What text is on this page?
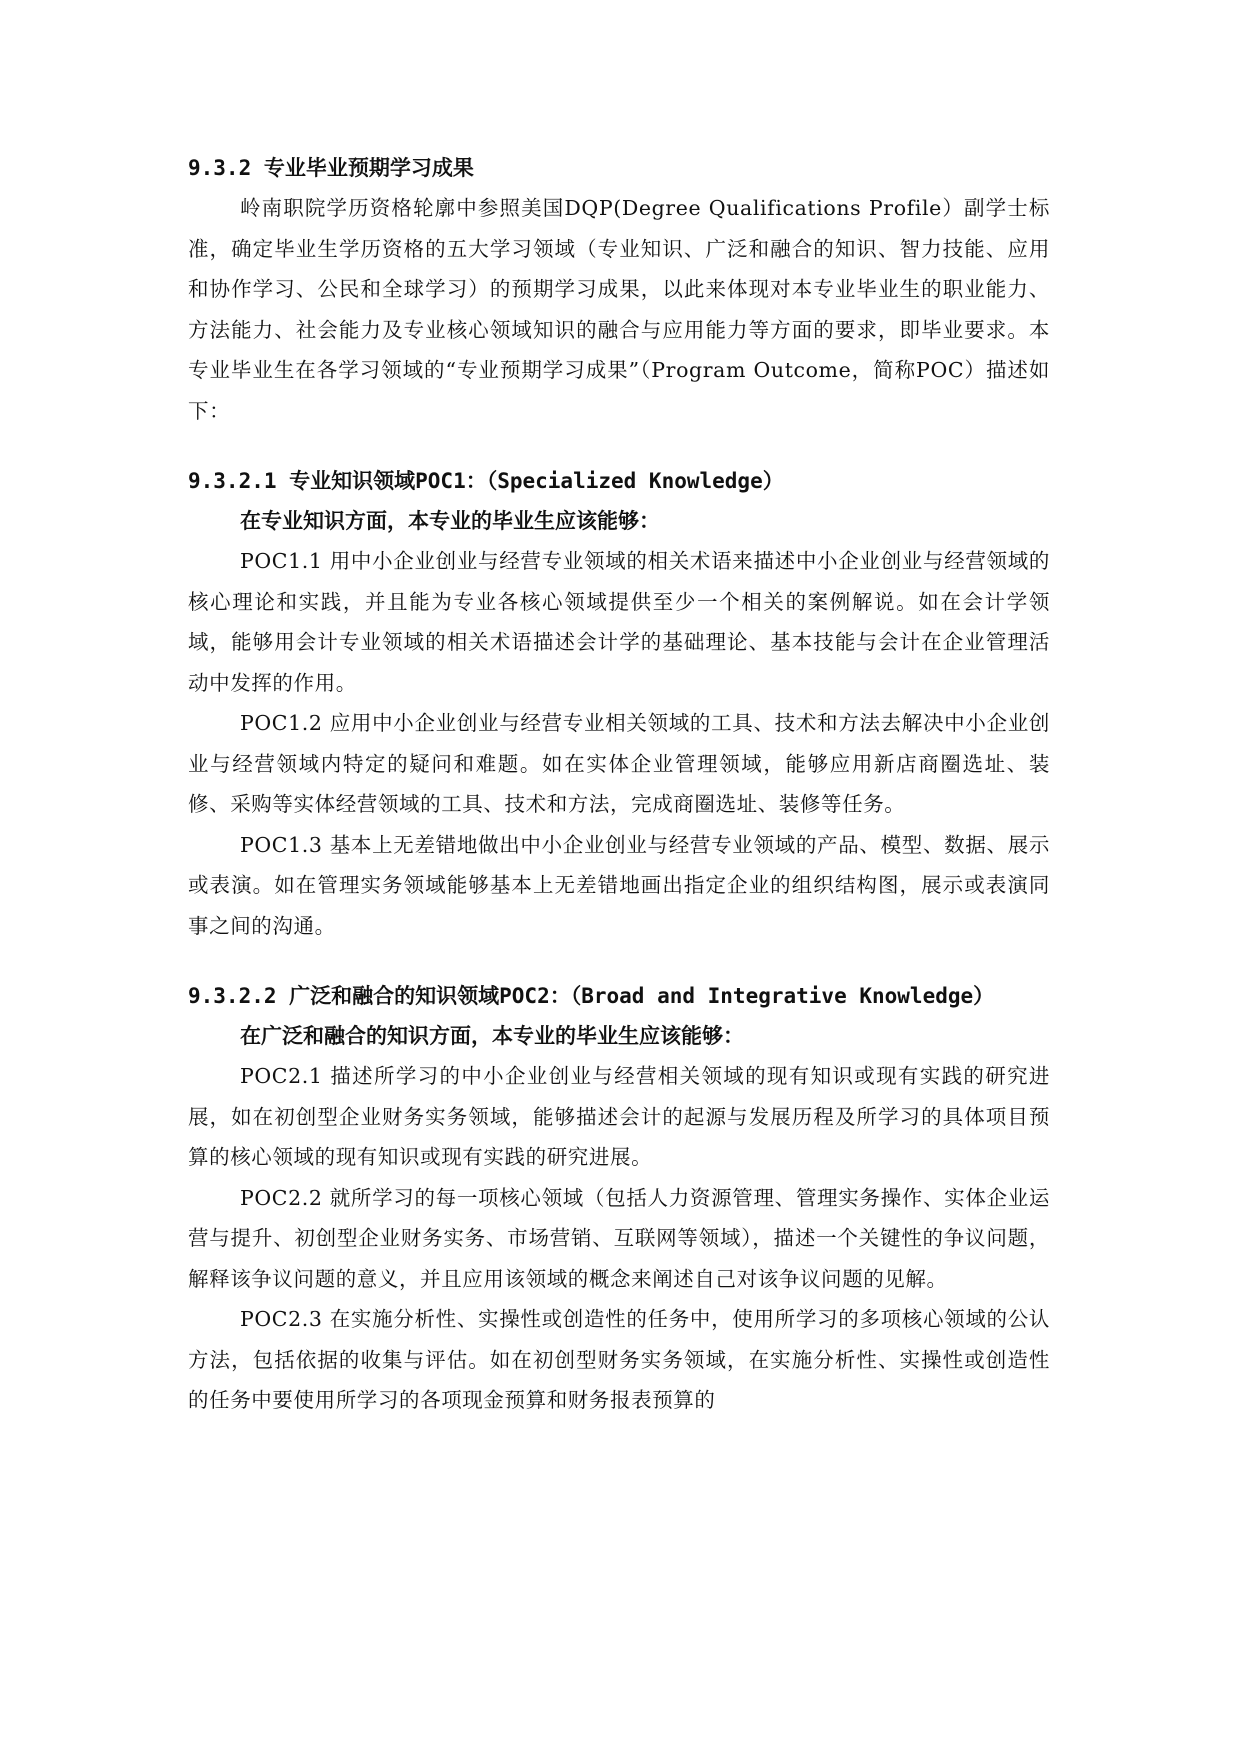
9.3.2 专业毕业预期学习成果

岭南职院学历资格轮廓中参照美国DQP(Degree Qualifications Profile）副学士标准，确定毕业生学历资格的五大学习领域（专业知识、广泛和融合的知识、智力技能、应用和协作学习、公民和全球学习）的预期学习成果，以此来体现对本专业毕业生的职业能力、方法能力、社会能力及专业核心领域知识的融合与应用能力等方面的要求，即毕业要求。本专业毕业生在各学习领域的“专业预期学习成果”（Program Outcome，简称POC）描述如下：

9.3.2.1 专业知识领域POC1：（Specialized Knowledge）

在专业知识方面，本专业的毕业生应该能够：

POC1.1 用中小企业创业与经营专业领域的相关术语来描述中小企业创业与经营领域的核心理论和实践，并且能为专业各核心领域提供至少一个相关的案例解说。如在会计学领域，能够用会计专业领域的相关术语描述会计学的基础理论、基本技能与会计在企业管理活动中发挥的作用。

POC1.2 应用中小企业创业与经营专业相关领域的工具、技术和方法去解决中小企业创业与经营领域内特定的疑问和难题。如在实体企业管理领域，能够应用新店商圈选址、装修、采购等实体经营领域的工具、技术和方法，完成商圈选址、装修等任务。

POC1.3 基本上无差错地做出中小企业创业与经营专业领域的产品、模型、数据、展示或表演。如在管理实务领域能够基本上无差错地画出指定企业的组织结构图，展示或表演同事之间的沟通。

9.3.2.2 广泛和融合的知识领域POC2：（Broad and Integrative Knowledge）

在广泛和融合的知识方面，本专业的毕业生应该能够：

POC2.1 描述所学习的中小企业创业与经营相关领域的现有知识或现有实践的研究进展，如在初创型企业财务实务领域，能够描述会计的起源与发展历程及所学习的具体项目预算的核心领域的现有知识或现有实践的研究进展。

POC2.2 就所学习的每一项核心领域（包括人力资源管理、管理实务操作、实体企业运营与提升、初创型企业财务实务、市场营销、互联网等领域），描述一个关键性的争议问题，解释该争议问题的意义，并且应用该领域的概念来阐述自己对该争议问题的见解。

POC2.3 在实施分析性、实操性或创造性的任务中，使用所学习的多项核心领域的公认方法，包括依据的收集与评估。如在初创型财务实务领域，在实施分析性、实操性或创造性的任务中要使用所学习的各项现金预算和财务报表预算的
